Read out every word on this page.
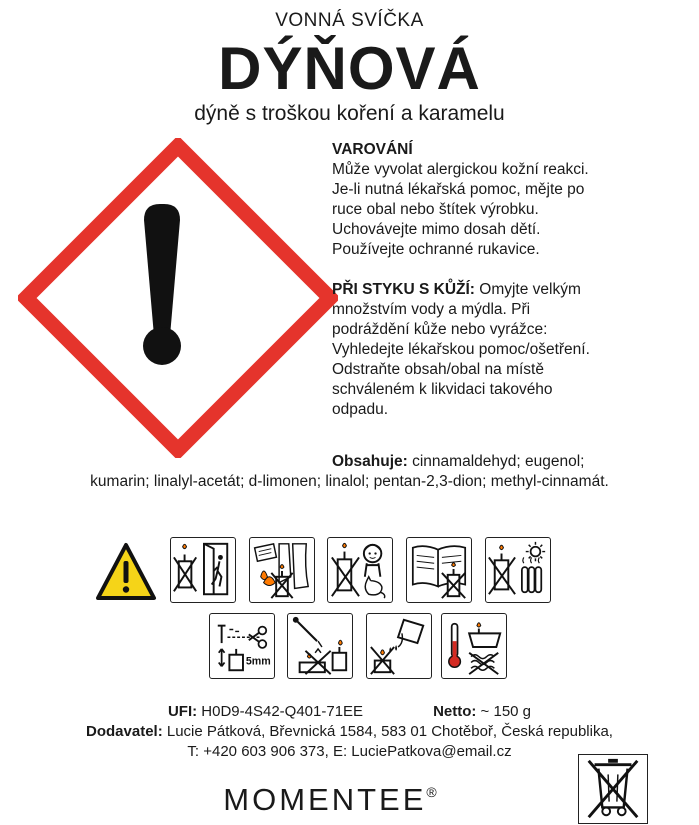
VONNÁ SVÍČKA
DÝŇOVÁ
dýně s troškou koření a karamelu

VAROVÁNÍ

Může vyvolat alergickou kožní reakci.

Je-li nutná lékařská pomoc, mějte po

ruce obal nebo štítek výrobku.

Uchovávejte mimo dosah dětí.

Používejte ochranné rukavice.

PŘI STYKU S KŮŽÍ: Omyjte velkým

množstvím vody a mýdla. Při

podráždění kůže nebo vyrážce:

Vyhledejte lékařskou pomoc/ošetření.

Odstraňte obsah/obal na místě

schváleném k likvidaci takového

odpadu.

Obsahuje: cinnamaldehyd; eugenol;
kumarin; linalyl-acetát; d-limonen; linalol; pentan-2,3-dion; methyl-cinnamát.
5mm
UFI: H0D9-4S42-Q401-71EE	Netto: ~ 150 g
Dodavatel: Lucie Pátková, Břevnická 1584, 583 01 Chotěboř, Česká republika,
T: +420 603 906 373, E: LuciePatkova@email.cz
MOMENTEE®
